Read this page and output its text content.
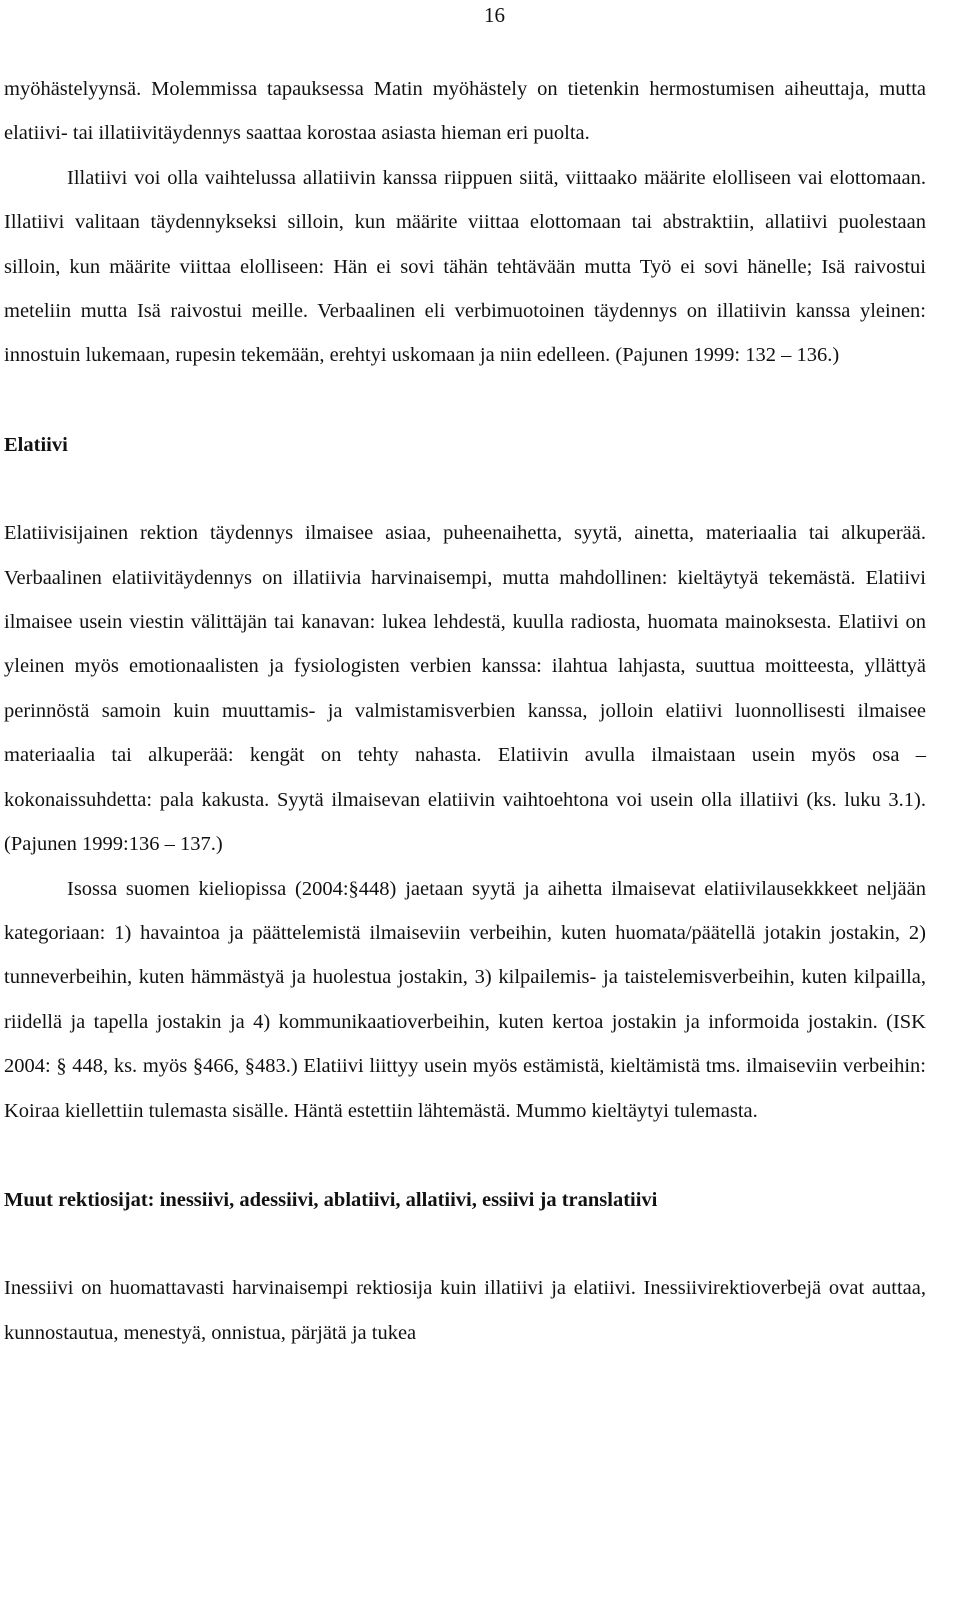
16

myöhästelyynsä. Molemmissa tapauksessa Matin myöhästely on tietenkin hermostumisen aiheuttaja, mutta elatiivi- tai illatiivitäydennys saattaa korostaa asiasta hieman eri puolta.

Illatiivi voi olla vaihtelussa allatiivin kanssa riippuen siitä, viittaako määrite elolliseen vai elottomaan. Illatiivi valitaan täydennykseksi silloin, kun määrite viittaa elottomaan tai abstraktiin, allatiivi puolestaan silloin, kun määrite viittaa elolliseen: Hän ei sovi tähän tehtävään mutta Työ ei sovi hänelle; Isä raivostui meteliin mutta Isä raivostui meille. Verbaalinen eli verbimuotoinen täydennys on illatiivin kanssa yleinen: innostuin lukemaan, rupesin tekemään, erehtyi uskomaan ja niin edelleen. (Pajunen 1999: 132 – 136.)

Elatiivi

Elatiivisijainen rektion täydennys ilmaisee asiaa, puheenaihetta, syytä, ainetta, materiaalia tai alkuperää. Verbaalinen elatiivitäydennys on illatiivia harvinaisempi, mutta mahdollinen: kieltäytyä tekemästä. Elatiivi ilmaisee usein viestin välittäjän tai kanavan: lukea lehdestä, kuulla radiosta, huomata mainoksesta. Elatiivi on yleinen myös emotionaalisten ja fysiologisten verbien kanssa: ilahtua lahjasta, suuttua moitteesta, yllättyä perinnöstä samoin kuin muuttamis- ja valmistamisverbien kanssa, jolloin elatiivi luonnollisesti ilmaisee materiaalia tai alkuperää: kengät on tehty nahasta. Elatiivin avulla ilmaistaan usein myös osa – kokonaissuhdetta: pala kakusta. Syytä ilmaisevan elatiivin vaihtoehtona voi usein olla illatiivi (ks. luku 3.1). (Pajunen 1999:136 – 137.)

Isossa suomen kieliopissa (2004:§448) jaetaan syytä ja aihetta ilmaisevat elatiivilausekkkeet neljään kategoriaan: 1) havaintoa ja päättelemistä ilmaiseviin verbeihin, kuten huomata/päätellä jotakin jostakin, 2) tunneverbeihin, kuten hämmästyä ja huolestua jostakin, 3) kilpailemis- ja taistelemisverbeihin, kuten kilpailla, riidellä ja tapella jostakin ja 4) kommunikaatioverbeihin, kuten kertoa jostakin ja informoida jostakin. (ISK 2004: § 448, ks. myös §466, §483.) Elatiivi liittyy usein myös estämistä, kieltämistä tms. ilmaiseviin verbeihin: Koiraa kiellettiin tulemasta sisälle. Häntä estettiin lähtemästä. Mummo kieltäytyi tulemasta.

Muut rektiosijat: inessiivi, adessiivi, ablatiivi, allatiivi, essiivi ja translatiivi

Inessiivi on huomattavasti harvinaisempi rektiosija kuin illatiivi ja elatiivi. Inessiivirektioverbejä ovat auttaa, kunnostautua, menestyä, onnistua, pärjätä ja tukea
